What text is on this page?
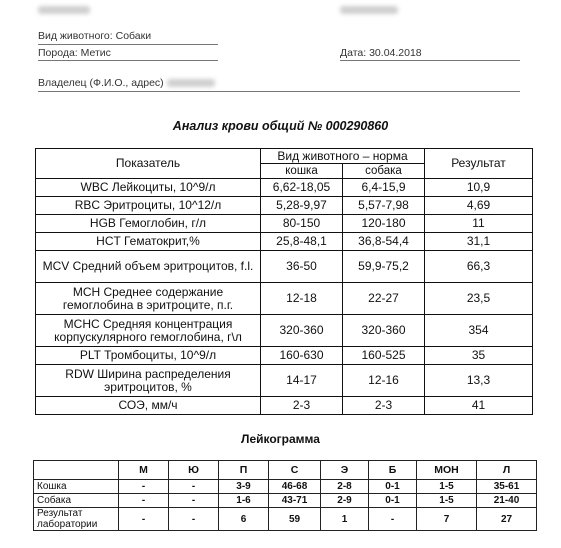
Вид животного: Собаки
Порода: Метис	Дата: 30.04.2018
Владелец (Ф.И.О., адрес)
Анализ крови общий № 000290860
Показатель	Вид животного – норма		Результат
	кошка	собака	
WBC Лейкоциты, 10^9/л	6,62-18,05	6,4-15,9	10,9
RBC Эритроциты, 10^12/л	5,28-9,97	5,57-7,98	4,69
HGB Гемоглобин, г/л	80-150	120-180	11
HCT Гематокрит,%	25,8-48,1	36,8-54,4	31,1
MCV Средний объем эритроцитов, f.l.	36-50	59,9-75,2	66,3
MCH Среднее содержание гемоглобина в эритроците, п.г.	12-18	22-27	23,5
MCHC Средняя концентрация корпускулярного гемоглобина, г\л	320-360	320-360	354
PLT Тромбоциты, 10^9/л	160-630	160-525	35
RDW Ширина распределения эритроцитов, %	14-17	12-16	13,3
СОЭ, мм/ч	2-3	2-3	41
Лейкограмма
	М	Ю	П	С	Э	Б	МОН	Л
Кошка	-	-	3-9	46-68	2-8	0-1	1-5	35-61
Собака	-	-	1-6	43-71	2-9	0-1	1-5	21-40
Результат лаборатории	-	-	6	59	1	-	7	27
